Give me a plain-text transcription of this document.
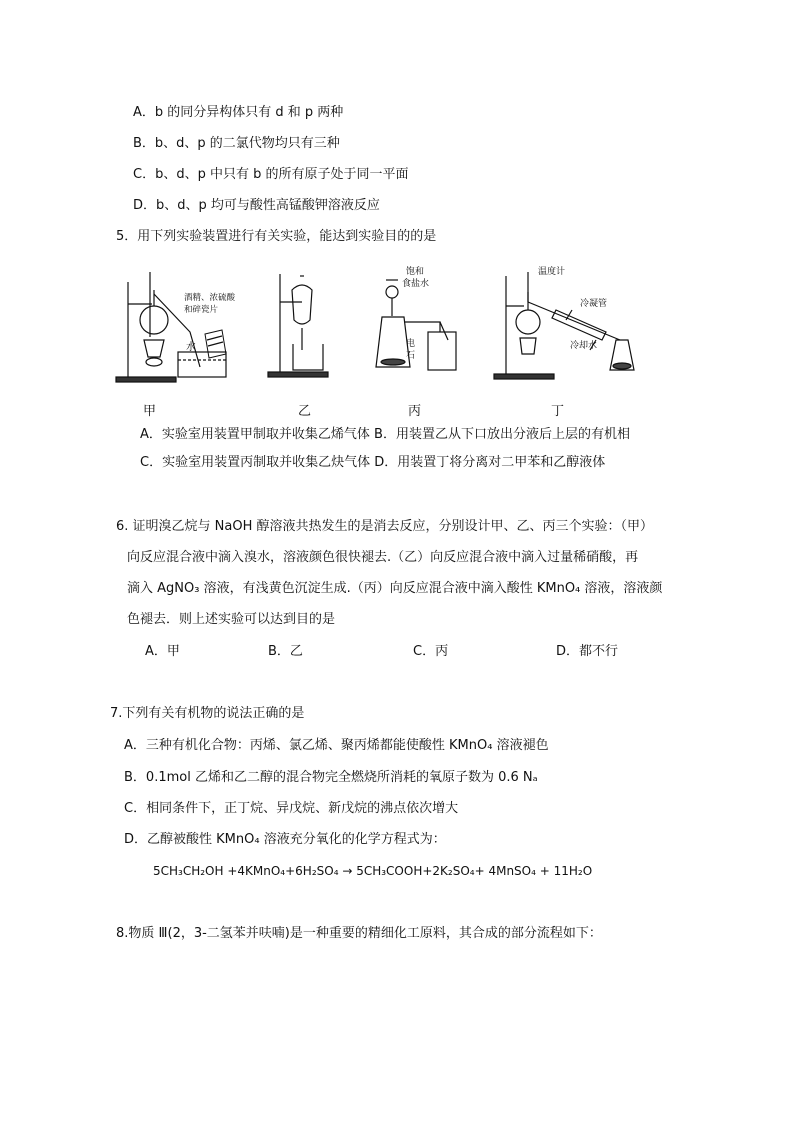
A．b 的同分异构体只有 d 和 p 两种
B．b、d、p 的二氯代物均只有三种
C．b、d、p 中只有 b 的所有原子处于同一平面
D．b、d、p 均可与酸性高锰酸钾溶液反应
5．用下列实验装置进行有关实验，能达到实验目的的是
酒精、浓硫酸
和碎瓷片
水
饱和
食盐水
电
石
温度计
冷凝管
冷却水
甲	乙	丙	丁
A．实验室用装置甲制取并收集乙烯气体 B．用装置乙从下口放出分液后上层的有机相
C．实验室用装置丙制取并收集乙炔气体 D．用装置丁将分离对二甲苯和乙醇液体
6. 证明溴乙烷与 NaOH 醇溶液共热发生的是消去反应，分别设计甲、乙、丙三个实验：（甲）
向反应混合液中滴入溴水，溶液颜色很快褪去.（乙）向反应混合液中滴入过量稀硝酸，再
滴入 AgNO₃ 溶液，有浅黄色沉淀生成.（丙）向反应混合液中滴入酸性 KMnO₄ 溶液，溶液颜
色褪去．则上述实验可以达到目的是
A．甲	B．乙	C．丙	D．都不行
7.下列有关有机物的说法正确的是
A．三种有机化合物：丙烯、氯乙烯、聚丙烯都能使酸性 KMnO₄ 溶液褪色
B．0.1mol 乙烯和乙二醇的混合物完全燃烧所消耗的氧原子数为 0.6 Nₐ
C．相同条件下，正丁烷、异戊烷、新戊烷的沸点依次增大
D．乙醇被酸性 KMnO₄ 溶液充分氧化的化学方程式为：
5CH₃CH₂OH +4KMnO₄+6H₂SO₄ → 5CH₃COOH+2K₂SO₄+ 4MnSO₄ + 11H₂O
8.物质 Ⅲ(2，3-二氢苯并呋喃)是一种重要的精细化工原料，其合成的部分流程如下：
